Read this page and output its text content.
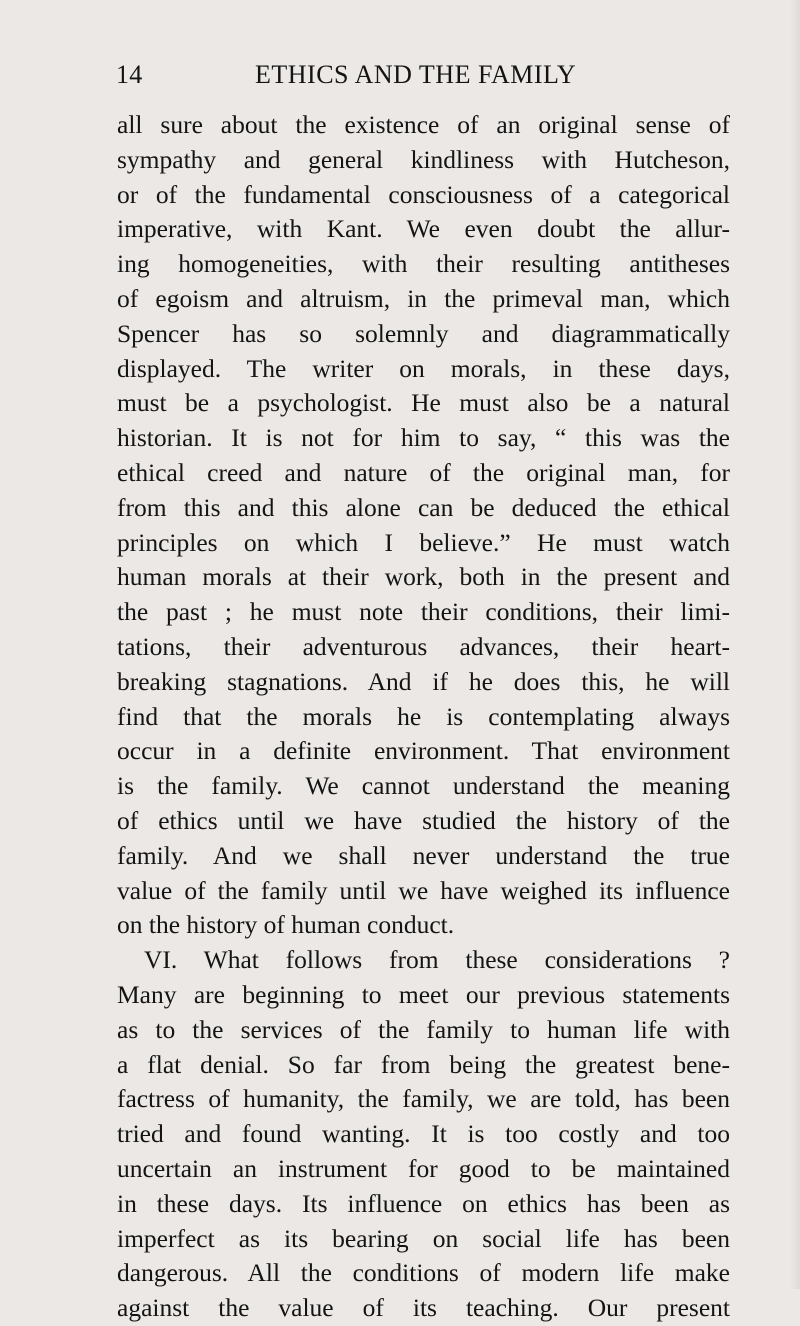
14	ETHICS AND THE FAMILY
all sure about the existence of an original sense of
sympathy and general kindliness with Hutcheson,
or of the fundamental consciousness of a categorical
imperative, with Kant. We even doubt the allur-
ing homogeneities, with their resulting antitheses
of egoism and altruism, in the primeval man, which
Spencer has so solemnly and diagrammatically
displayed. The writer on morals, in these days,
must be a psychologist. He must also be a natural
historian. It is not for him to say, “ this was the
ethical creed and nature of the original man, for
from this and this alone can be deduced the ethical
principles on which I believe.” He must watch
human morals at their work, both in the present and
the past ; he must note their conditions, their limi-
tations, their adventurous advances, their heart-
breaking stagnations. And if he does this, he will
find that the morals he is contemplating always
occur in a definite environment. That environment
is the family. We cannot understand the meaning
of ethics until we have studied the history of the
family. And we shall never understand the true
value of the family until we have weighed its influence
on the history of human conduct.
VI. What follows from these considerations ?
Many are beginning to meet our previous statements
as to the services of the family to human life with
a flat denial. So far from being the greatest bene-
factress of humanity, the family, we are told, has been
tried and found wanting. It is too costly and too
uncertain an instrument for good to be maintained
in these days. Its influence on ethics has been as
imperfect as its bearing on social life has been
dangerous. All the conditions of modern life make
against the value of its teaching. Our present
